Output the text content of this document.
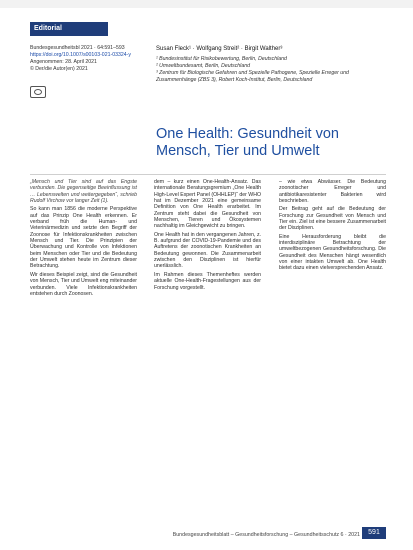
Editorial
Bundesgesundheitsbl 2021 · 64:591–593
https://doi.org/10.1007/s00103-021-03324-y
Angenommen: 28. April 2021
© Der/die Autor(en) 2021
Susan Fleck¹ · Wolfgang Streit² · Birgit Walther³
¹ Bundesinstitut für Risikobewertung, Berlin, Deutschland
² Umweltbundesamt, Berlin, Deutschland
³ Zentrum für Biologische Gefahren und Spezielle Pathogene, Spezielle Erreger und Zusammenhänge (ZBS 3), Robert Koch-Institut, Berlin, Deutschland
One Health: Gesundheit von Mensch, Tier und Umwelt

„Mensch und Tier sind auf das Engste verbunden. Die gegenseitige Beeinflussung ist … Lebenswelten und weitergegeben“, schrieb Rudolf Virchow vor langer Zeit (1).

So kann man 1856 die moderne Perspektive auf das Prinzip One Health erkennen. Er verband früh die Human- und Veterinärmedizin und setzte den Begriff der Zoonose für Infektionskrankheiten zwischen Mensch und Tier. Die Prinzipien der Überwachung und Kontrolle von Infektionen beim Menschen oder Tier und die Bedeutung der Umwelt stehen heute im Zentrum dieser Betrachtung.

Wir dieses Beispiel zeigt, sind die Gesundheit von Mensch, Tier und Umwelt eng miteinander verbunden. Viele Infektionskrankheiten entstehen durch Zoonosen.

dem – kurz einen One-Health-Ansatz. Das internationale Beratungsgremium „One Health High-Level Expert Panel (OHHLEP)“ der WHO hat im Dezember 2021 eine gemeinsame Definition von One Health erarbeitet. Im Zentrum steht dabei die Gesundheit von Menschen, Tieren und Ökosystemen nachhaltig im Gleichgewicht zu bringen.

One Health hat in den vergangenen Jahren, z. B. aufgrund der COVID-19-Pandemie und des Auftretens der zoonotischen Krankheiten an Bedeutung gewonnen. Die Zusammenarbeit zwischen den Disziplinen ist hierfür unerlässlich.

Im Rahmen dieses Themenheftes werden aktuelle One-Health-Fragestellungen aus der Forschung vorgestellt.

– wie etwa Abwässer. Die Bedeutung zoonotischer Erreger und antibiotikaresistenter Bakterien wird beschrieben.

Der Beitrag geht auf die Bedeutung der Forschung zur Gesundheit von Mensch und Tier ein. Ziel ist eine bessere Zusammenarbeit der Disziplinen.

Eine Herausforderung bleibt die interdisziplinäre Betrachtung der umweltbezogenen Gesundheitsforschung. Die Gesundheit des Menschen hängt wesentlich von einer intakten Umwelt ab. One Health bietet dazu einen vielversprechenden Ansatz.

Bundesgesundheitsblatt – Gesundheitsforschung – Gesundheitsschutz 6 · 2021	591
